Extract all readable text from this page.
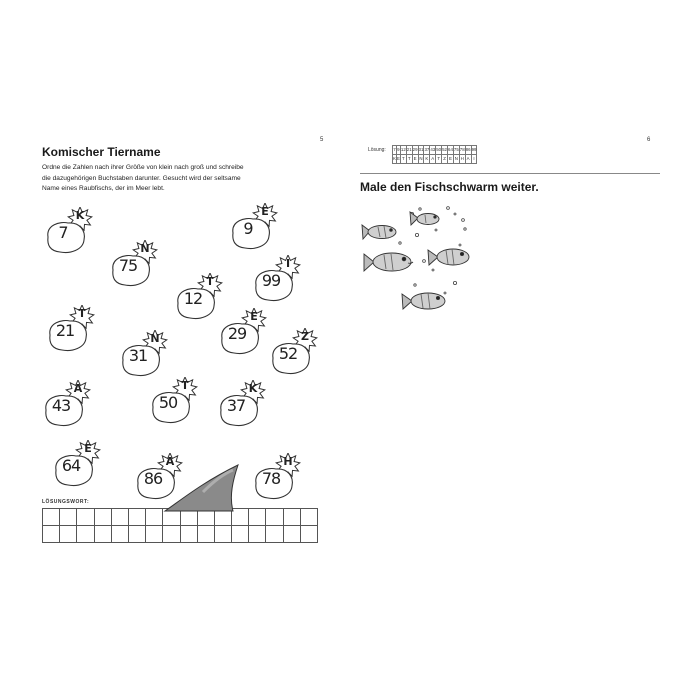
5
Komischer Tiername
Ordne die Zahlen nach ihrer Größe von klein nach groß und schreibe
die dazugehörigen Buchstaben darunter. Gesucht wird der seltsame
Name eines Raubfischs, der im Meer lebt.
7
K
9
E
75
N
99
I
12
T
21
T
29
E
31
N
52
Z
43
A
50
T
37
K
64
E
86
A
78
H
LÖSUNGSWORT:

6
Lösung: 7	9	12	21	29	31	37	43	50	52	64	75	78	86	99
K	E	T	T	E	N	K	A	T	Z	E	N	H	A	I
Male den Fischschwarm weiter.
